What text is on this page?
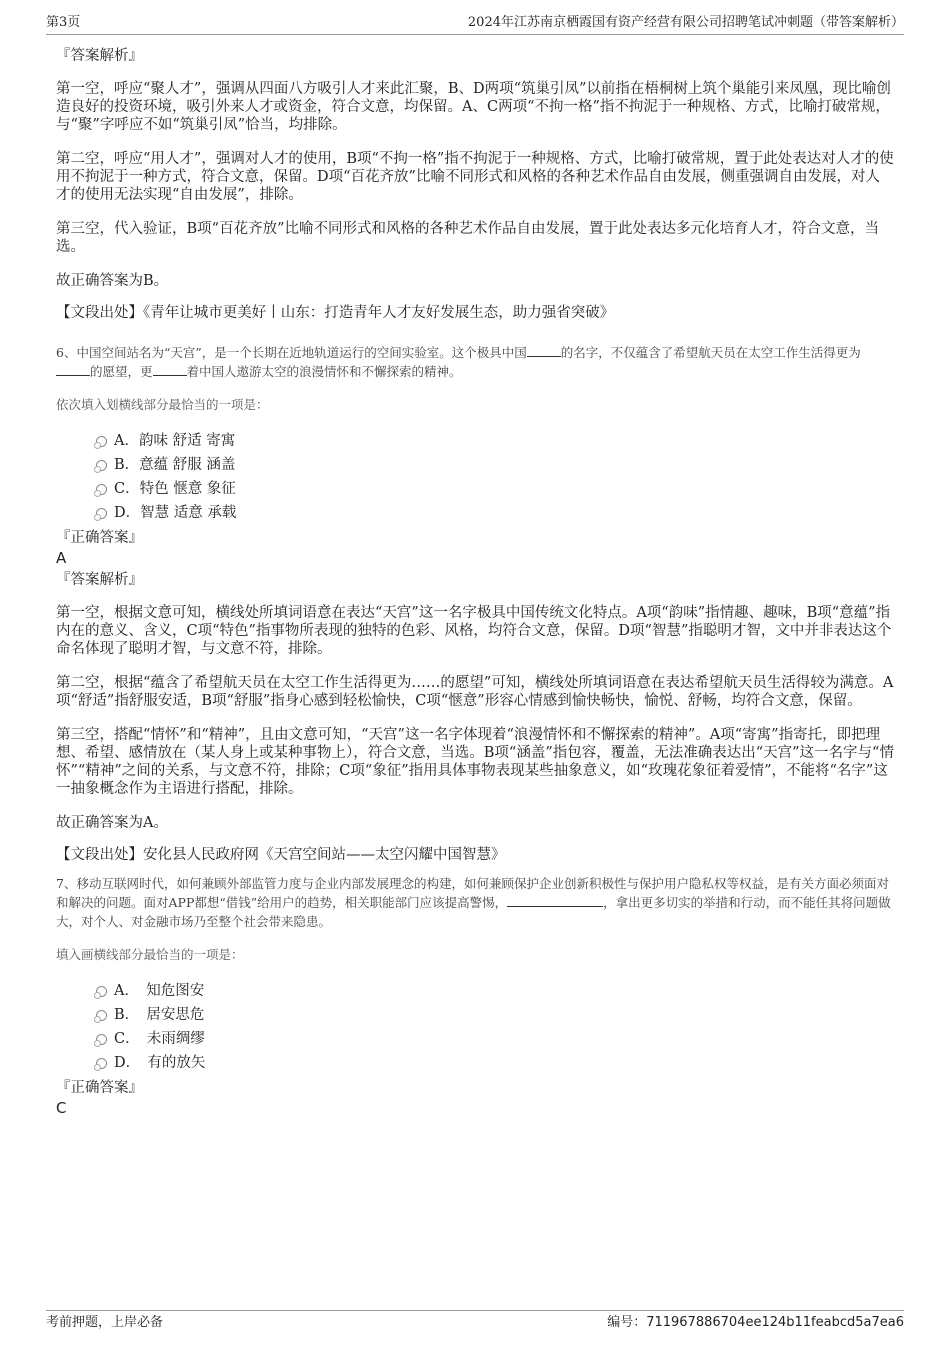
第3页	2024年江苏南京栖霞国有资产经营有限公司招聘笔试冲刺题（带答案解析）

『答案解析』

第一空，呼应“聚人才”，强调从四面八方吸引人才来此汇聚，B、D两项“筑巢引凤”以前指在梧桐树上筑个巢能引来凤凰，现比喻创造良好的投资环境，吸引外来人才或资金，符合文意，均保留。A、C两项“不拘一格”指不拘泥于一种规格、方式，比喻打破常规，与“聚”字呼应不如“筑巢引凤”恰当，均排除。

第二空，呼应“用人才”，强调对人才的使用，B项“不拘一格”指不拘泥于一种规格、方式，比喻打破常规，置于此处表达对人才的使用不拘泥于一种方式，符合文意，保留。D项“百花齐放”比喻不同形式和风格的各种艺术作品自由发展，侧重强调自由发展，对人才的使用无法实现“自由发展”，排除。

第三空，代入验证，B项“百花齐放”比喻不同形式和风格的各种艺术作品自由发展，置于此处表达多元化培育人才，符合文意，当选。

故正确答案为B。

【文段出处】《青年让城市更美好丨山东：打造青年人才友好发展生态，助力强省突破》

6、中国空间站名为“天宫”，是一个长期在近地轨道运行的空间实验室。这个极具中国	的名字，不仅蕴含了希望航天员在太空工作生活得更为的愿望，更	着中国人遨游太空的浪漫情怀和不懈探索的精神。

依次填入划横线部分最恰当的一项是：

A．韵味 舒适 寄寓
B．意蕴 舒服 涵盖
C．特色 惬意 象征
D．智慧 适意 承载

『正确答案』

A

『答案解析』

第一空，根据文意可知，横线处所填词语意在表达“天宫”这一名字极具中国传统文化特点。A项“韵味”指情趣、趣味，B项“意蕴”指内在的意义、含义，C项“特色”指事物所表现的独特的色彩、风格，均符合文意，保留。D项“智慧”指聪明才智，文中并非表达这个命名体现了聪明才智，与文意不符，排除。

第二空，根据“蕴含了希望航天员在太空工作生活得更为……的愿望”可知，横线处所填词语意在表达希望航天员生活得较为满意。A项“舒适”指舒服安适，B项“舒服”指身心感到轻松愉快，C项“惬意”形容心情感到愉快畅快，愉悦、舒畅，均符合文意，保留。

第三空，搭配“情怀”和“精神”，且由文意可知，“天宫”这一名字体现着“浪漫情怀和不懈探索的精神”。A项“寄寓”指寄托，即把理想、希望、感情放在（某人身上或某种事物上），符合文意，当选。B项“涵盖”指包容，覆盖，无法准确表达出“天宫”这一名字与“情怀”“精神”之间的关系，与文意不符，排除；C项“象征”指用具体事物表现某些抽象意义，如“玫瑰花象征着爱情”，不能将“名字”这一抽象概念作为主语进行搭配，排除。

故正确答案为A。

【文段出处】安化县人民政府网《天宫空间站——太空闪耀中国智慧》

7、移动互联网时代，如何兼顾外部监管力度与企业内部发展理念的构建，如何兼顾保护企业创新积极性与保护用户隐私权等权益，是有关方面必须面对和解决的问题。面对APP都想“借钱”给用户的趋势，相关职能部门应该提高警惕，	，拿出更多切实的举措和行动，而不能任其将问题做大，对个人、对金融市场乃至整个社会带来隐患。

填入画横线部分最恰当的一项是：

A．　知危图安
B．　居安思危
C．　未雨绸缪
D．　有的放矢

『正确答案』

C

考前押题，上岸必备	编号：711967886704ee124b11feabcd5a7ea6
